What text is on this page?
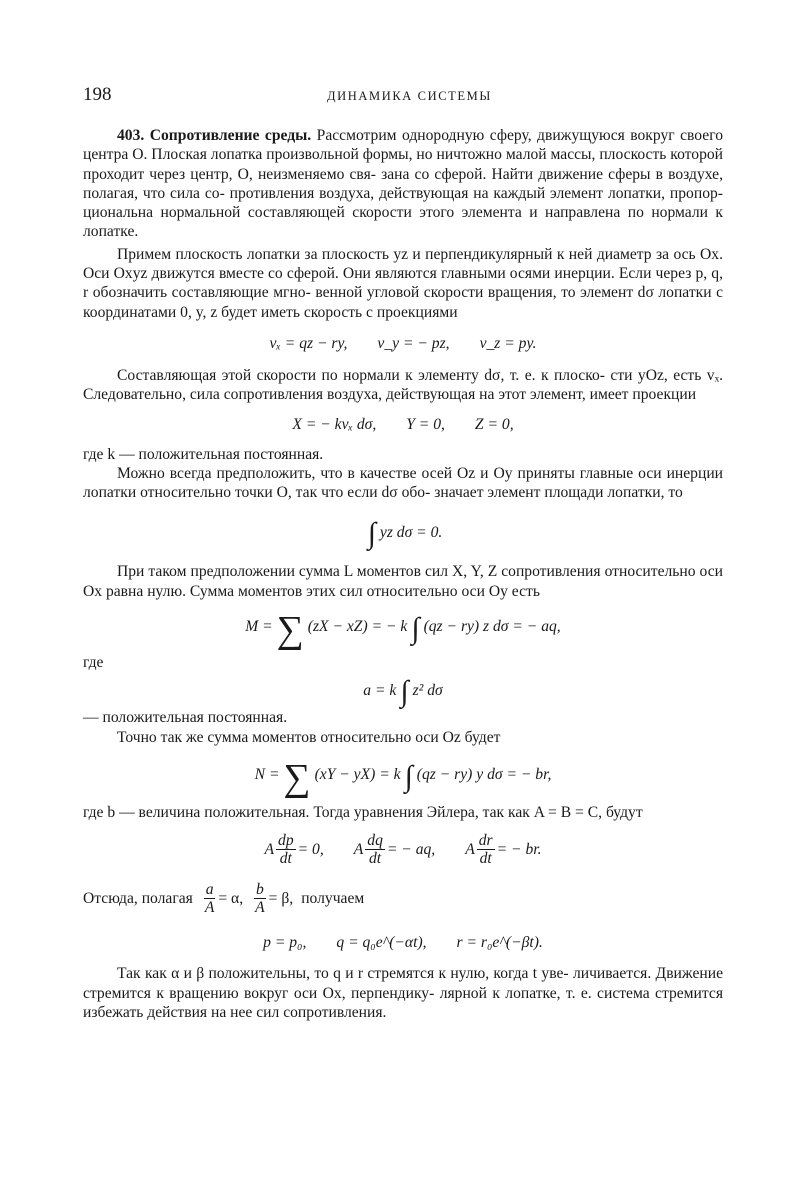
198	ДИНАМИКА СИСТЕМЫ

403. Сопротивление среды. Рассмотрим однородную сферу, движущуюся вокруг своего центра O. Плоская лопатка произвольной формы, но ничтожно малой массы, плоскость которой проходит через центр, O, неизменяемо свя- зана со сферой. Найти движение сферы в воздухе, полагая, что сила со- противления воздуха, действующая на каждый элемент лопатки, пропор- циональна нормальной составляющей скорости этого элемента и направлена по нормали к лопатке.

Примем плоскость лопатки за плоскость yz и перпендикулярный к ней диаметр за ось Ox. Оси Oxyz движутся вместе со сферой. Они являются главными осями инерции. Если через p, q, r обозначить составляющие мгно- венной угловой скорости вращения, то элемент dσ лопатки с координатами 0, y, z будет иметь скорость с проекциями

vₓ = qz − ry, v_y = − pz, v_z = py.

Составляющая этой скорости по нормали к элементу dσ, т. е. к плоско- сти yOz, есть vₓ. Следовательно, сила сопротивления воздуха, действующая на этот элемент, имеет проекции

X = − kvₓ dσ, Y = 0, Z = 0,

где k — положительная постоянная.

Можно всегда предположить, что в качестве осей Oz и Oy приняты главные оси инерции лопатки относительно точки O, так что если dσ обо- значает элемент площади лопатки, то

∫ yz dσ = 0.

При таком предположении сумма L моментов сил X, Y, Z сопротивления относительно оси Ox равна нулю. Сумма моментов этих сил относительно оси Oy есть

M = ∑ (zX − xZ) = − k ∫ (qz − ry) z dσ = − aq,

где

a = k ∫ z² dσ

— положительная постоянная.

Точно так же сумма моментов относительно оси Oz будет

N = ∑ (xY − yX) = k ∫ (qz − ry) y dσ = − br,

где b — величина положительная. Тогда уравнения Эйлера, так как A = B = C, будут

A $\frac{dp}{dt} = 0$, A $\frac{dq}{dt}$ = − aq, A $\frac{dr}{dt}$ = − br.
Отсюда, полагая $\frac{a}{A} = \alpha$, $\frac{b}{A} = \beta$, получаем
p = p₀, q = q₀e^(−αt), r = r₀e^(−βt).

Так как α и β положительны, то q и r стремятся к нулю, когда t уве- личивается. Движение стремится к вращению вокруг оси Ox, перпендику- лярной к лопатке, т. е. система стремится избежать действия на нее сил сопротивления.
